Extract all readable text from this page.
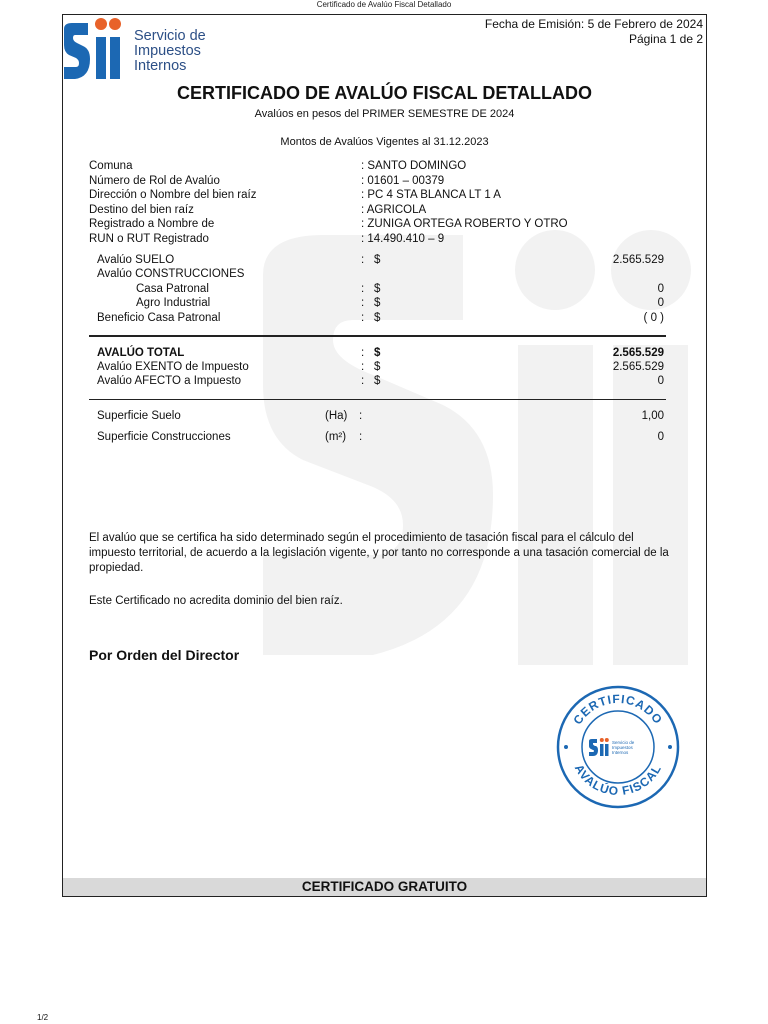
Certificado de Avalúo Fiscal Detallado
Servicio de
Impuestos
Internos
Fecha de Emisión: 5 de Febrero de 2024
Página 1 de 2
CERTIFICADO DE AVALÚO FISCAL DETALLADO
Avalúos en pesos del PRIMER SEMESTRE DE 2024
Montos de Avalúos Vigentes al 31.12.2023
Comuna	: SANTO DOMINGO
Número de Rol de Avalúo	: 01601 – 00379
Dirección o Nombre del bien raíz	: PC 4 STA BLANCA LT 1 A
Destino del bien raíz	: AGRICOLA
Registrado a Nombre de	: ZUNIGA ORTEGA ROBERTO Y OTRO
RUN o RUT Registrado	: 14.490.410 – 9
Avalúo SUELO	: $	2.565.529
Avalúo CONSTRUCCIONES
Casa Patronal	: $	0
Agro Industrial	: $	0
Beneficio Casa Patronal	: $	( 0 )
AVALÚO TOTAL	: $	2.565.529
Avalúo EXENTO de Impuesto	: $	2.565.529
Avalúo AFECTO a Impuesto	: $	0
Superficie Suelo	(Ha) :	1,00
Superficie Construcciones	(m²) :	0
El avalúo que se certifica ha sido determinado según el procedimiento de tasación fiscal para el cálculo del impuesto territorial, de acuerdo a la legislación vigente, y por tanto no corresponde a una tasación comercial de la propiedad.
Este Certificado no acredita dominio del bien raíz.
Por Orden del Director
CERTIFICADO
AVALÚO FISCAL
Servicio de
Impuestos
Internos
CERTIFICADO GRATUITO
1/2
